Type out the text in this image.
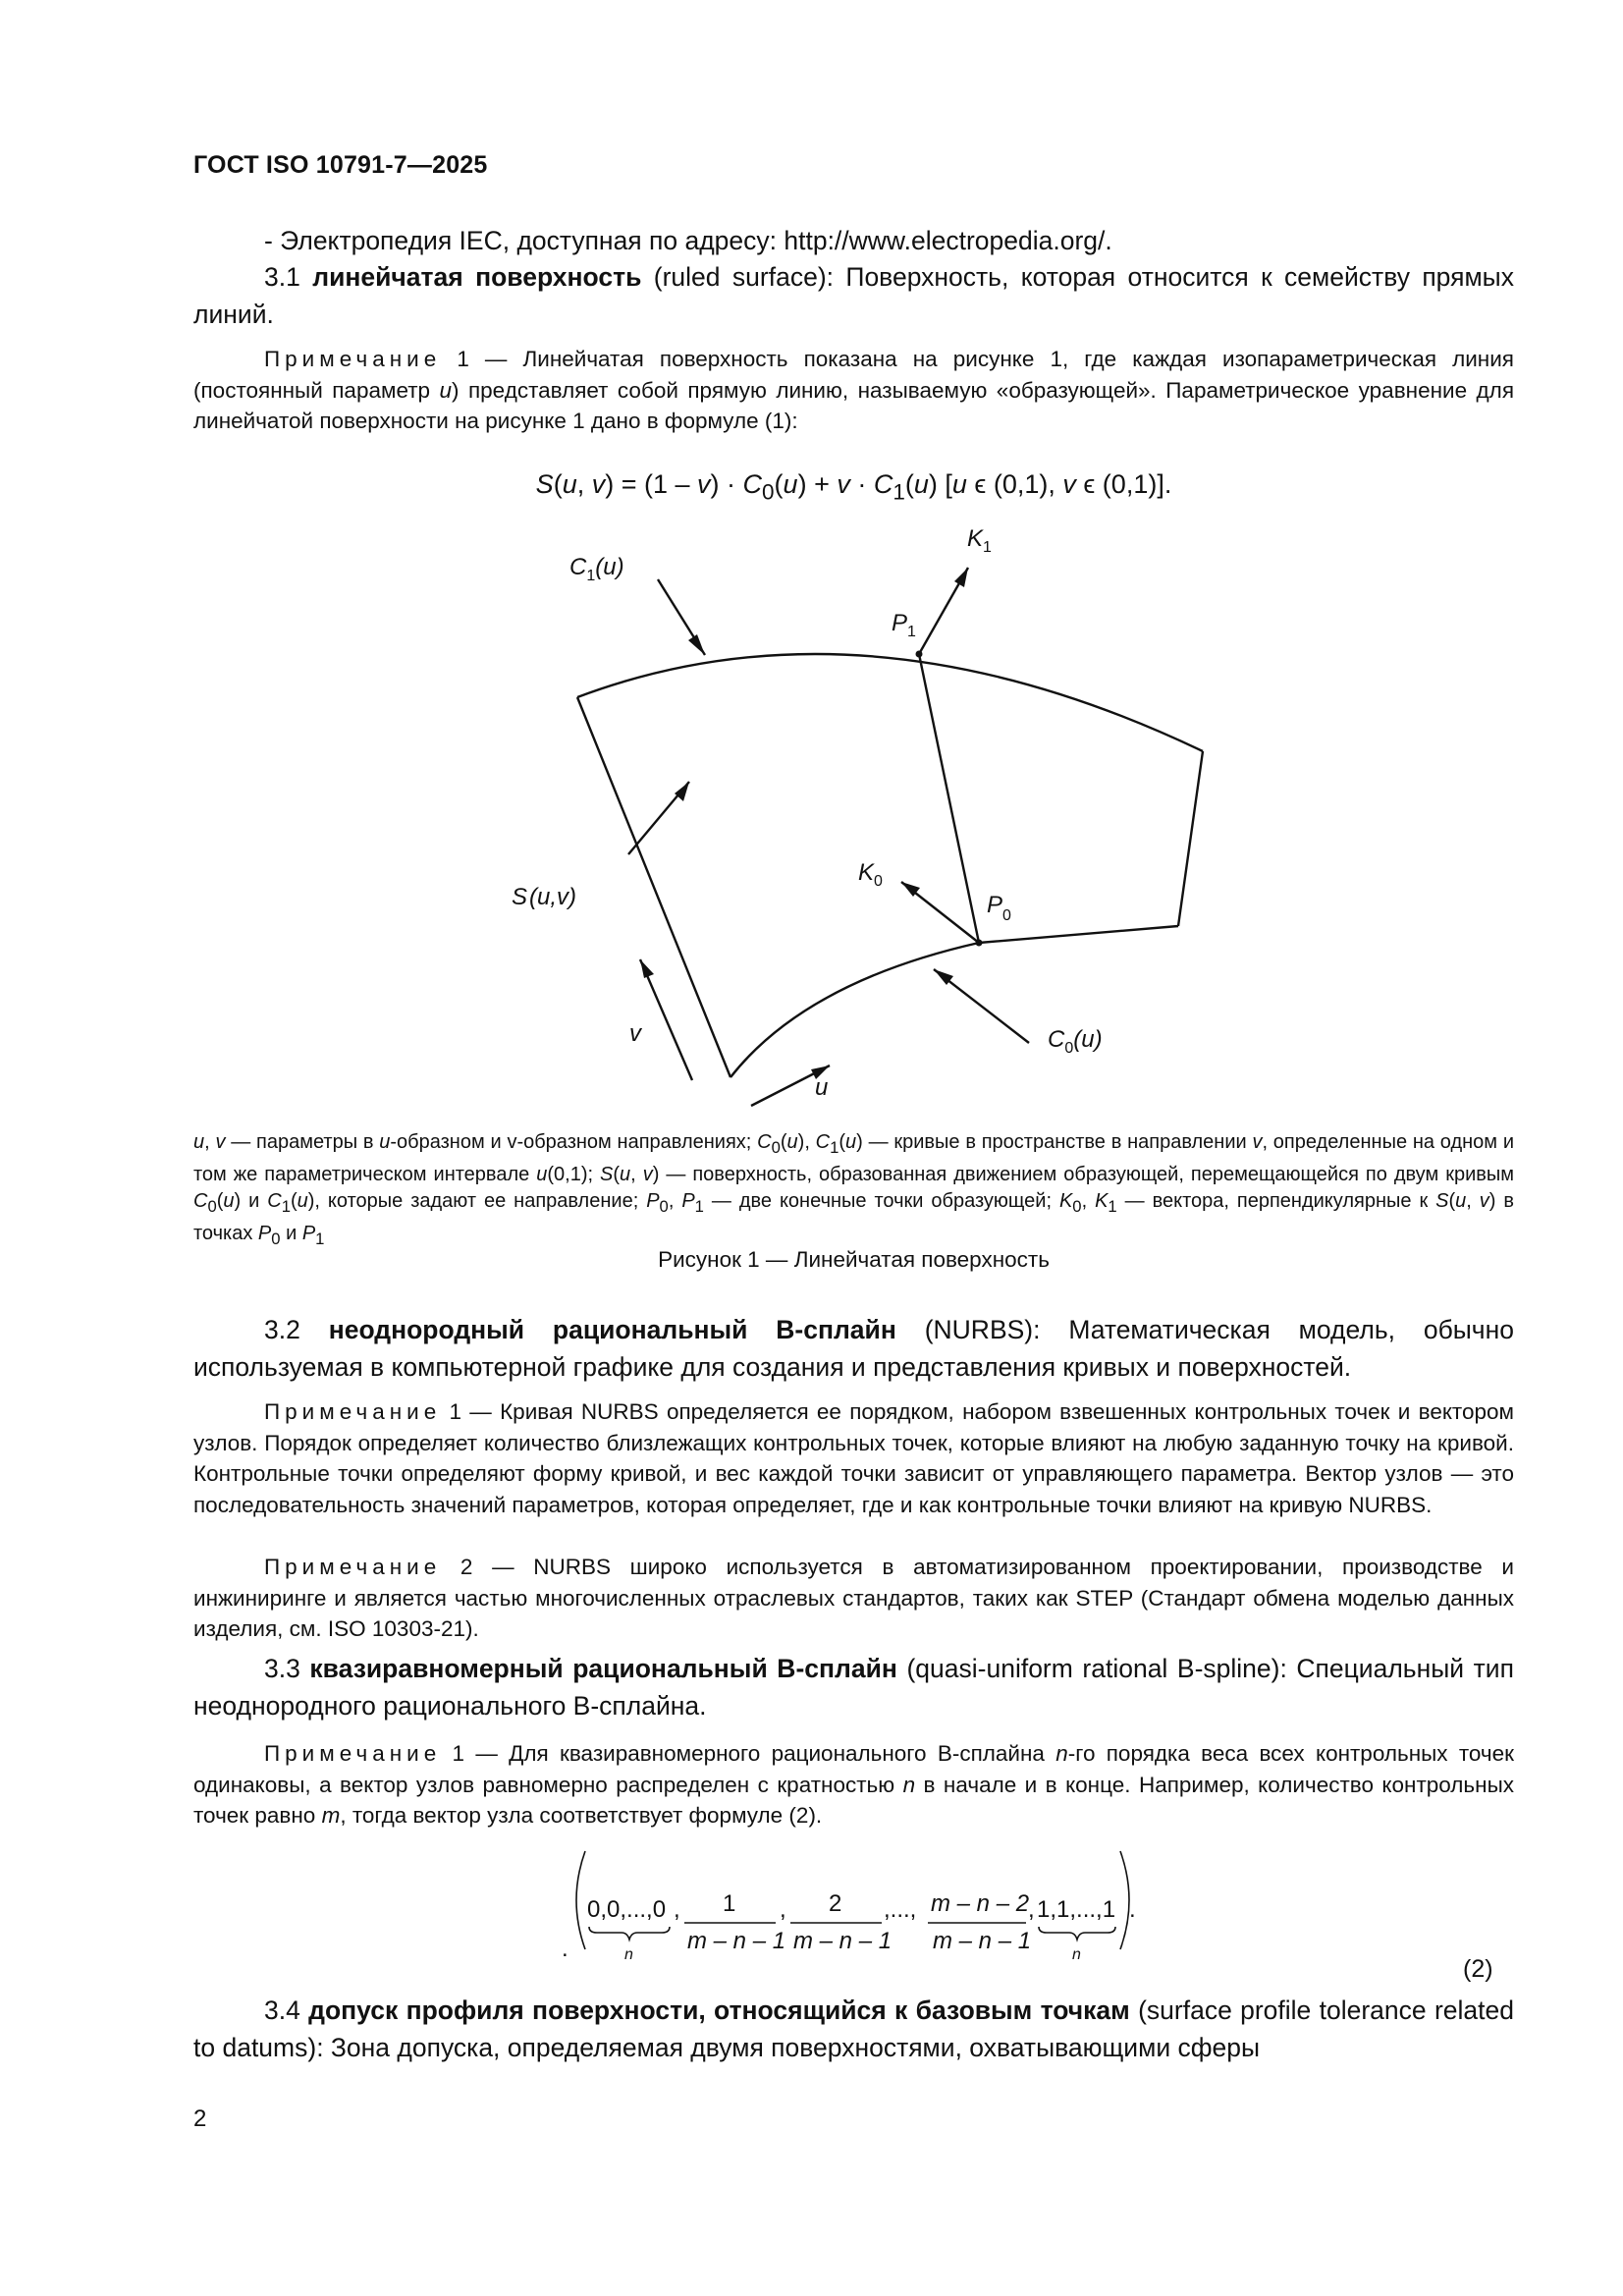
ГОСТ ISO 10791-7—2025
- Электропедия IEC, доступная по адресу: http://www.electropedia.org/.
3.1 линейчатая поверхность (ruled surface): Поверхность, которая относится к семейству прямых линий.
Примечание 1 — Линейчатая поверхность показана на рисунке 1, где каждая изопараметрическая линия (постоянный параметр u) представляет собой прямую линию, называемую «образующей». Параметрическое уравнение для линейчатой поверхности на рисунке 1 дано в формуле (1):
S(u, $v) = (1 - v) \cdot C_0(u) + v \cdot C_1(u)$ [u ϵ (0,1), v ϵ (0,1)].
$C_1(u)$
$K_1$
$P_1$
S(u,v)
$K_0$
$P_0$
v
u
$C_0(u)$
u, v — параметры в u-образном и v-образном направлениях; $C_0(u)$, $C_1(u)$ — кривые в пространстве в направлении v, определенные на одном и том же параметрическом интервале u(0,1); S(u, v) — поверхность, образованная движением образующей, перемещающейся по двум кривым $C_0(u)$ и $C_1(u)$, которые задают ее направление; $P_0$, $P_1$ — две конечные точки образующей; $K_0$, $K_1$ — вектора, перпендикулярные к S(u, v) в точках $P_0$ и $P_1$
Рисунок 1 — Линейчатая поверхность
3.2 неоднородный рациональный В-сплайн (NURBS): Математическая модель, обычно используемая в компьютерной графике для создания и представления кривых и поверхностей.
Примечание 1 — Кривая NURBS определяется ее порядком, набором взвешенных контрольных точек и вектором узлов. Порядок определяет количество близлежащих контрольных точек, которые влияют на любую заданную точку на кривой. Контрольные точки определяют форму кривой, и вес каждой точки зависит от управляющего параметра. Вектор узлов — это последовательность значений параметров, которая определяет, где и как контрольные точки влияют на кривую NURBS.
Примечание 2 — NURBS широко используется в автоматизированном проектировании, производстве и инжиниринге и является частью многочисленных отраслевых стандартов, таких как STEP (Стандарт обмена моделью данных изделия, см. ISO 10303-21).
3.3 квазиравномерный рациональный В-сплайн (quasi-uniform rational B-spline): Специальный тип неоднородного рационального В-сплайна.
Примечание 1 — Для квазиравномерного рационального В-сплайна n-го порядка веса всех контрольных точек одинаковы, а вектор узлов равномерно распределен с кратностью n в начале и в конце. Например, количество контрольных точек равно m, тогда вектор узла соответствует формуле (2).
0,0,...,0 , 1
m – n – 1
, 2
m – n – 1
,..., m – n – 2
m – n – 1
, 1,1,...,1 .
.	n	n
(2)
3.4 допуск профиля поверхности, относящийся к базовым точкам (surface profile tolerance related to datums): Зона допуска, определяемая двумя поверхностями, охватывающими сферы
2
